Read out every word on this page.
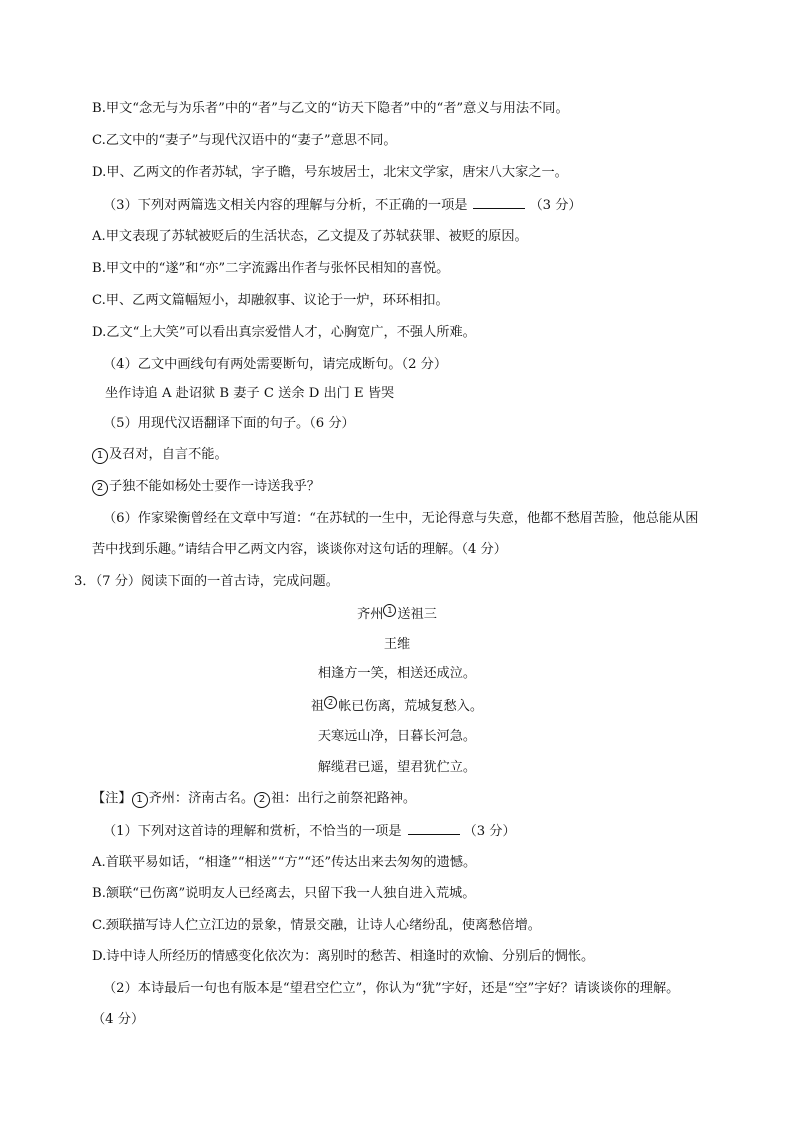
B.甲文“念无与为乐者”中的“者”与乙文的“访天下隐者”中的“者”意义与用法不同。
C.乙文中的“妻子”与现代汉语中的“妻子”意思不同。
D.甲、乙两文的作者苏轼，字子瞻，号东坡居士，北宋文学家，唐宋八大家之一。
（3）下列对两篇选文相关内容的理解与分析，不正确的一项是	（3 分）
A.甲文表现了苏轼被贬后的生活状态，乙文提及了苏轼获罪、被贬的原因。
B.甲文中的“遂”和“亦”二字流露出作者与张怀民相知的喜悦。
C.甲、乙两文篇幅短小，却融叙事、议论于一炉，环环相扣。
D.乙文“上大笑”可以看出真宗爱惜人才，心胸宽广，不强人所难。
（4）乙文中画线句有两处需要断句，请完成断句。（2 分）
坐作诗追 A 赴诏狱 B 妻子 C 送余 D 出门 E 皆哭
（5）用现代汉语翻译下面的句子。（6 分）
1 及召对，自言不能。
2 子独不能如杨处士要作一诗送我乎？
（6）作家梁衡曾经在文章中写道：“在苏轼的一生中，无论得意与失意，他都不愁眉苦脸，他总能从困
苦中找到乐趣。”请结合甲乙两文内容，谈谈你对这句话的理解。（4 分）
3．（7 分）阅读下面的一首古诗，完成问题。
齐州 1 送祖三
王维
相逢方一笑，相送还成泣。
祖 2 帐已伤离，荒城复愁入。
天寒远山净，日暮长河急。
解缆君已遥，望君犹伫立。
【注】 1 齐州：济南古名。 2 祖：出行之前祭祀路神。
（1）下列对这首诗的理解和赏析，不恰当的一项是	（3 分）
A.首联平易如话，“相逢”“相送”“方”“还”传达出来去匆匆的遗憾。
B.颔联“已伤离”说明友人已经离去，只留下我一人独自进入荒城。
C.颈联描写诗人伫立江边的景象，情景交融，让诗人心绪纷乱，使离愁倍增。
D.诗中诗人所经历的情感变化依次为：离别时的愁苦、相逢时的欢愉、分别后的惆怅。
（2）本诗最后一句也有版本是“望君空伫立”，你认为“犹”字好，还是“空”字好？请谈谈你的理解。
（4 分）
